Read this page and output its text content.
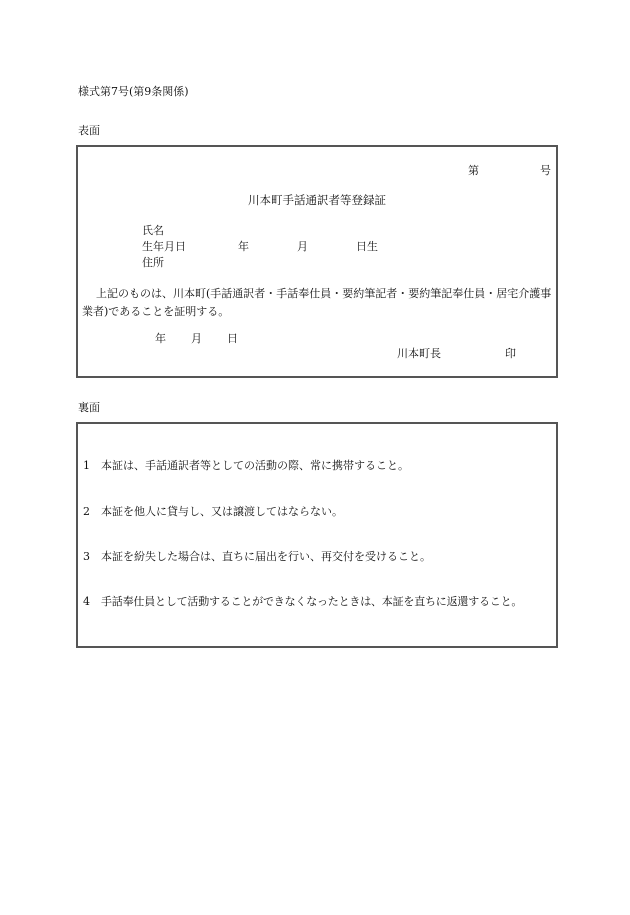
様式第7号(第9条関係)
表面
第	号
川本町手話通訳者等登録証
氏名
生年月日	年	月	日生
住所
上記のものは、川本町(手話通訳者・手話奉仕員・要約筆記者・要約筆記奉仕員・居宅介護事業者)であることを証明する。
年 月 日
川本町長	印
裏面
1 本証は、手話通訳者等としての活動の際、常に携帯すること。
2 本証を他人に貸与し、又は譲渡してはならない。
3 本証を紛失した場合は、直ちに届出を行い、再交付を受けること。
4 手話奉仕員として活動することができなくなったときは、本証を直ちに返還すること。
